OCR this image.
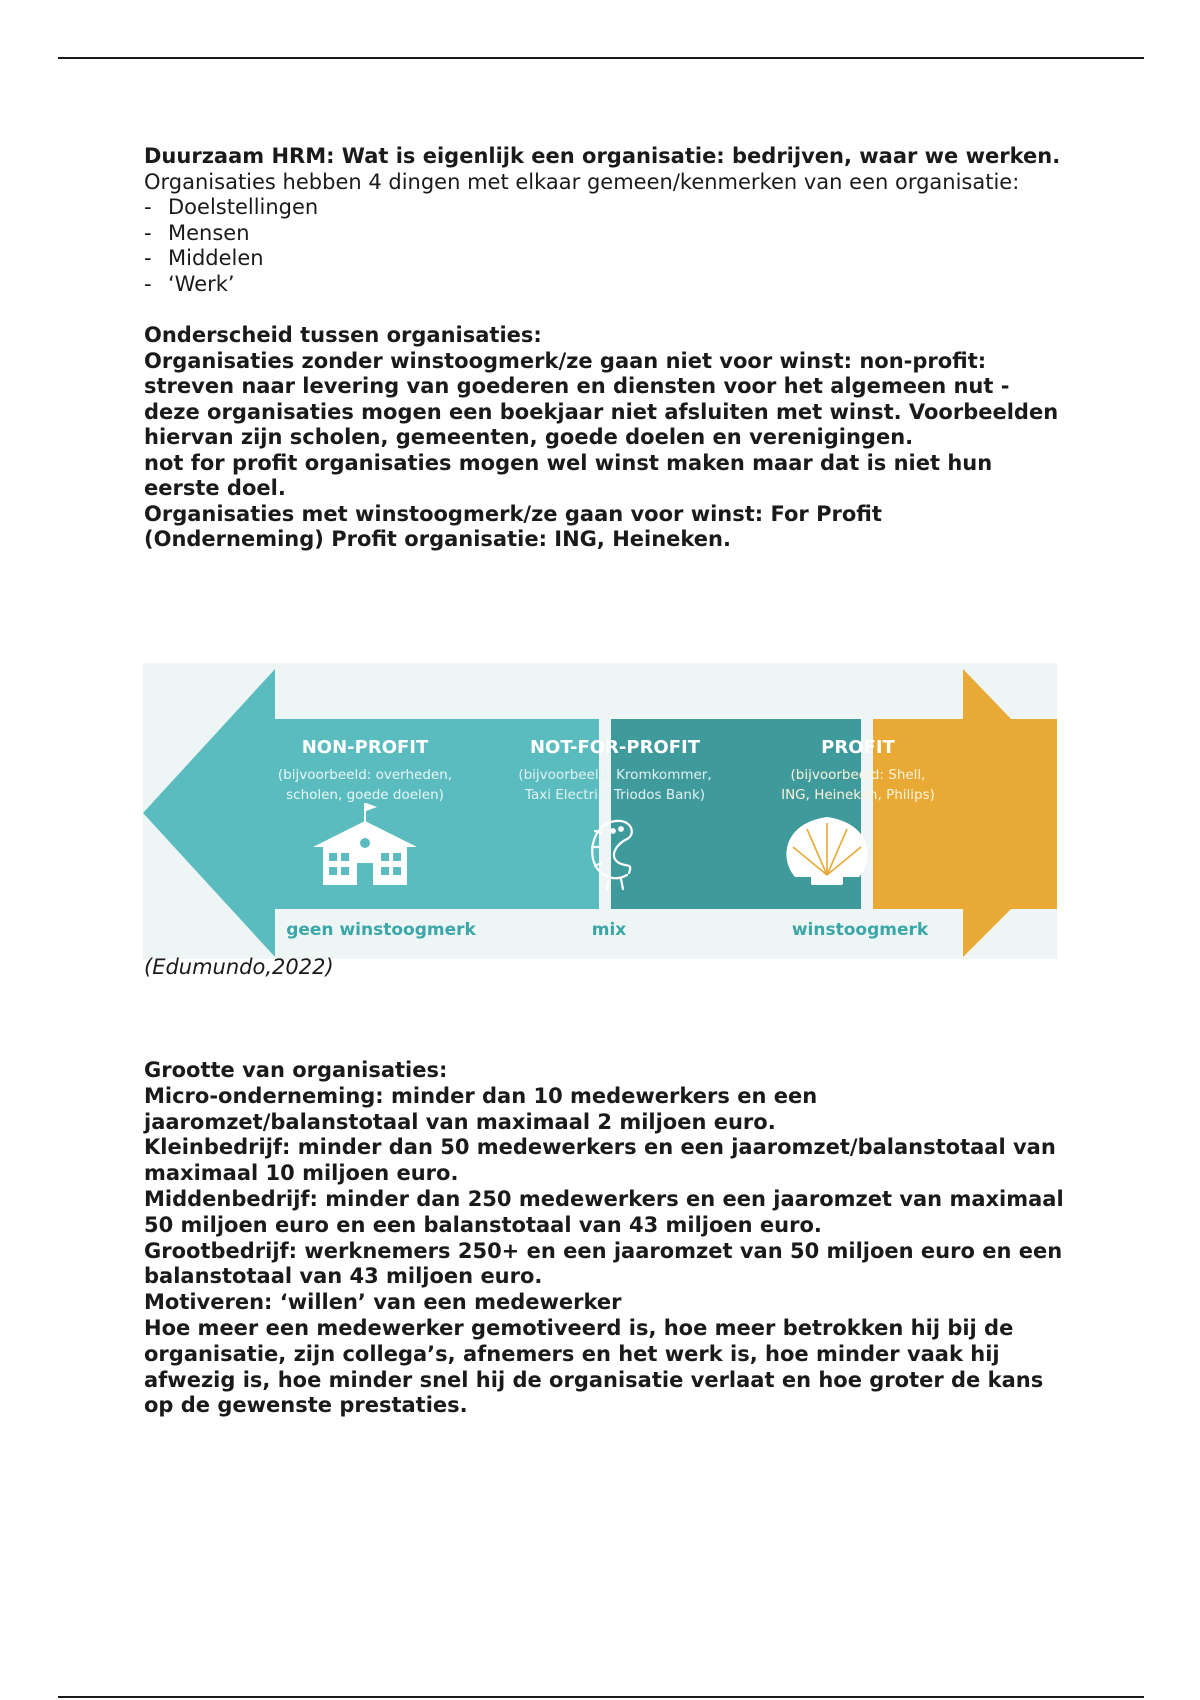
Duurzaam HRM: Wat is eigenlijk een organisatie: bedrijven, waar we werken.

Organisaties hebben 4 dingen met elkaar gemeen/kenmerken van een organisatie:

- Doelstellingen
- Mensen
- Middelen
- ‘Werk’

Onderscheid tussen organisaties:

Organisaties zonder winstoogmerk/ze gaan niet voor winst: non-profit: streven naar levering van goederen en diensten voor het algemeen nut - deze organisaties mogen een boekjaar niet afsluiten met winst. Voorbeelden hiervan zijn scholen, gemeenten, goede doelen en verenigingen.

not for profit organisaties mogen wel winst maken maar dat is niet hun eerste doel.

Organisaties met winstoogmerk/ze gaan voor winst: For Profit (Onderneming) Profit organisatie: ING, Heineken.

NON-PROFIT
(bijvoorbeeld: overheden,
scholen, goede doelen)
NOT-FOR-PROFIT
(bijvoorbeeld: Kromkommer,
Taxi Electric, Triodos Bank)
PROFIT
(bijvoorbeeld: Shell,
ING, Heineken, Philips)
geen winstoogmerk	mix	winstoogmerk
(Edumundo,2022)

Grootte van organisaties:

Micro-onderneming: minder dan 10 medewerkers en een jaaromzet/balanstotaal van maximaal 2 miljoen euro.

Kleinbedrijf: minder dan 50 medewerkers en een jaaromzet/balanstotaal van maximaal 10 miljoen euro.

Middenbedrijf: minder dan 250 medewerkers en een jaaromzet van maximaal 50 miljoen euro en een balanstotaal van 43 miljoen euro.

Grootbedrijf: werknemers 250+ en een jaaromzet van 50 miljoen euro en een balanstotaal van 43 miljoen euro.

Motiveren: ‘willen’ van een medewerker

Hoe meer een medewerker gemotiveerd is, hoe meer betrokken hij bij de organisatie, zijn collega’s, afnemers en het werk is, hoe minder vaak hij afwezig is, hoe minder snel hij de organisatie verlaat en hoe groter de kans op de gewenste prestaties.
